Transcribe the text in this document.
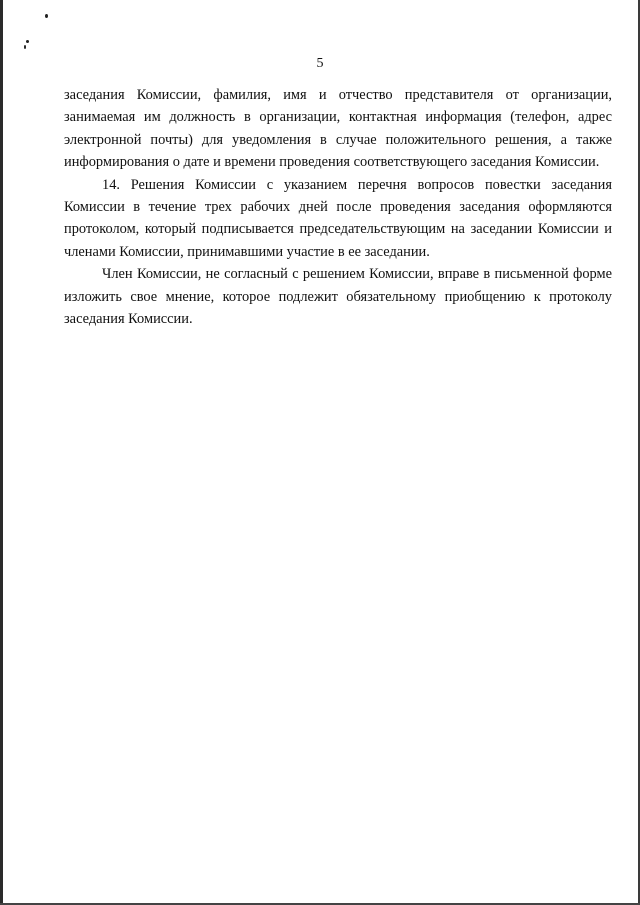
5

заседания Комиссии, фамилия, имя и отчество представителя от организации, занимаемая им должность в организации, контактная информация (телефон, адрес электронной почты) для уведомления в случае положительного решения, а также информирования о дате и времени проведения соответствующего заседания Комиссии.

14. Решения Комиссии с указанием перечня вопросов повестки заседания Комиссии в течение трех рабочих дней после проведения заседания оформляются протоколом, который подписывается председательствующим на заседании Комиссии и членами Комиссии, принимавшими участие в ее заседании.

Член Комиссии, не согласный с решением Комиссии, вправе в письменной форме изложить свое мнение, которое подлежит обязательному приобщению к протоколу заседания Комиссии.
